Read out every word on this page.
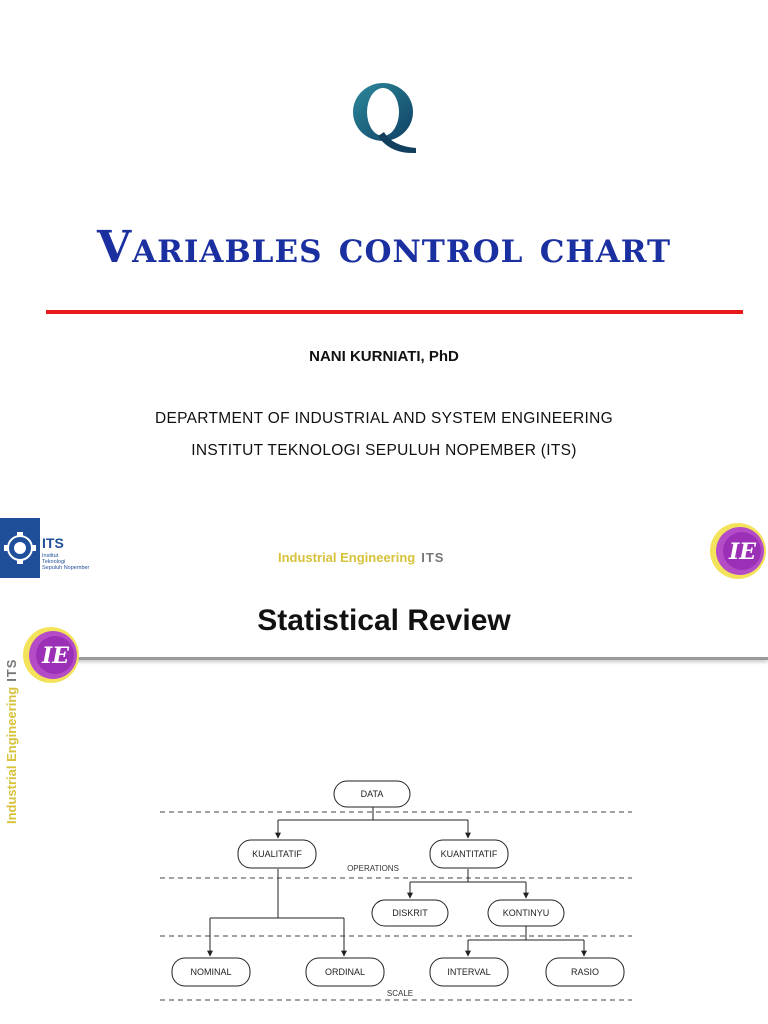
Variables control chart
NANI KURNIATI, PhD
DEPARTMENT OF INDUSTRIAL AND SYSTEM ENGINEERING
INSTITUT TEKNOLOGI SEPULUH NOPEMBER (ITS)
ITS
Institut
Teknologi
Sepuluh Nopember
Industrial Engineering ITS	IE
Statistical Review
Industrial EngineeringITS
IE
DATA
KUALITATIF	KUANTITATIF
OPERATIONS
DISKRIT	KONTINYU
NOMINAL	ORDINAL	INTERVAL	RASIO
SCALE
